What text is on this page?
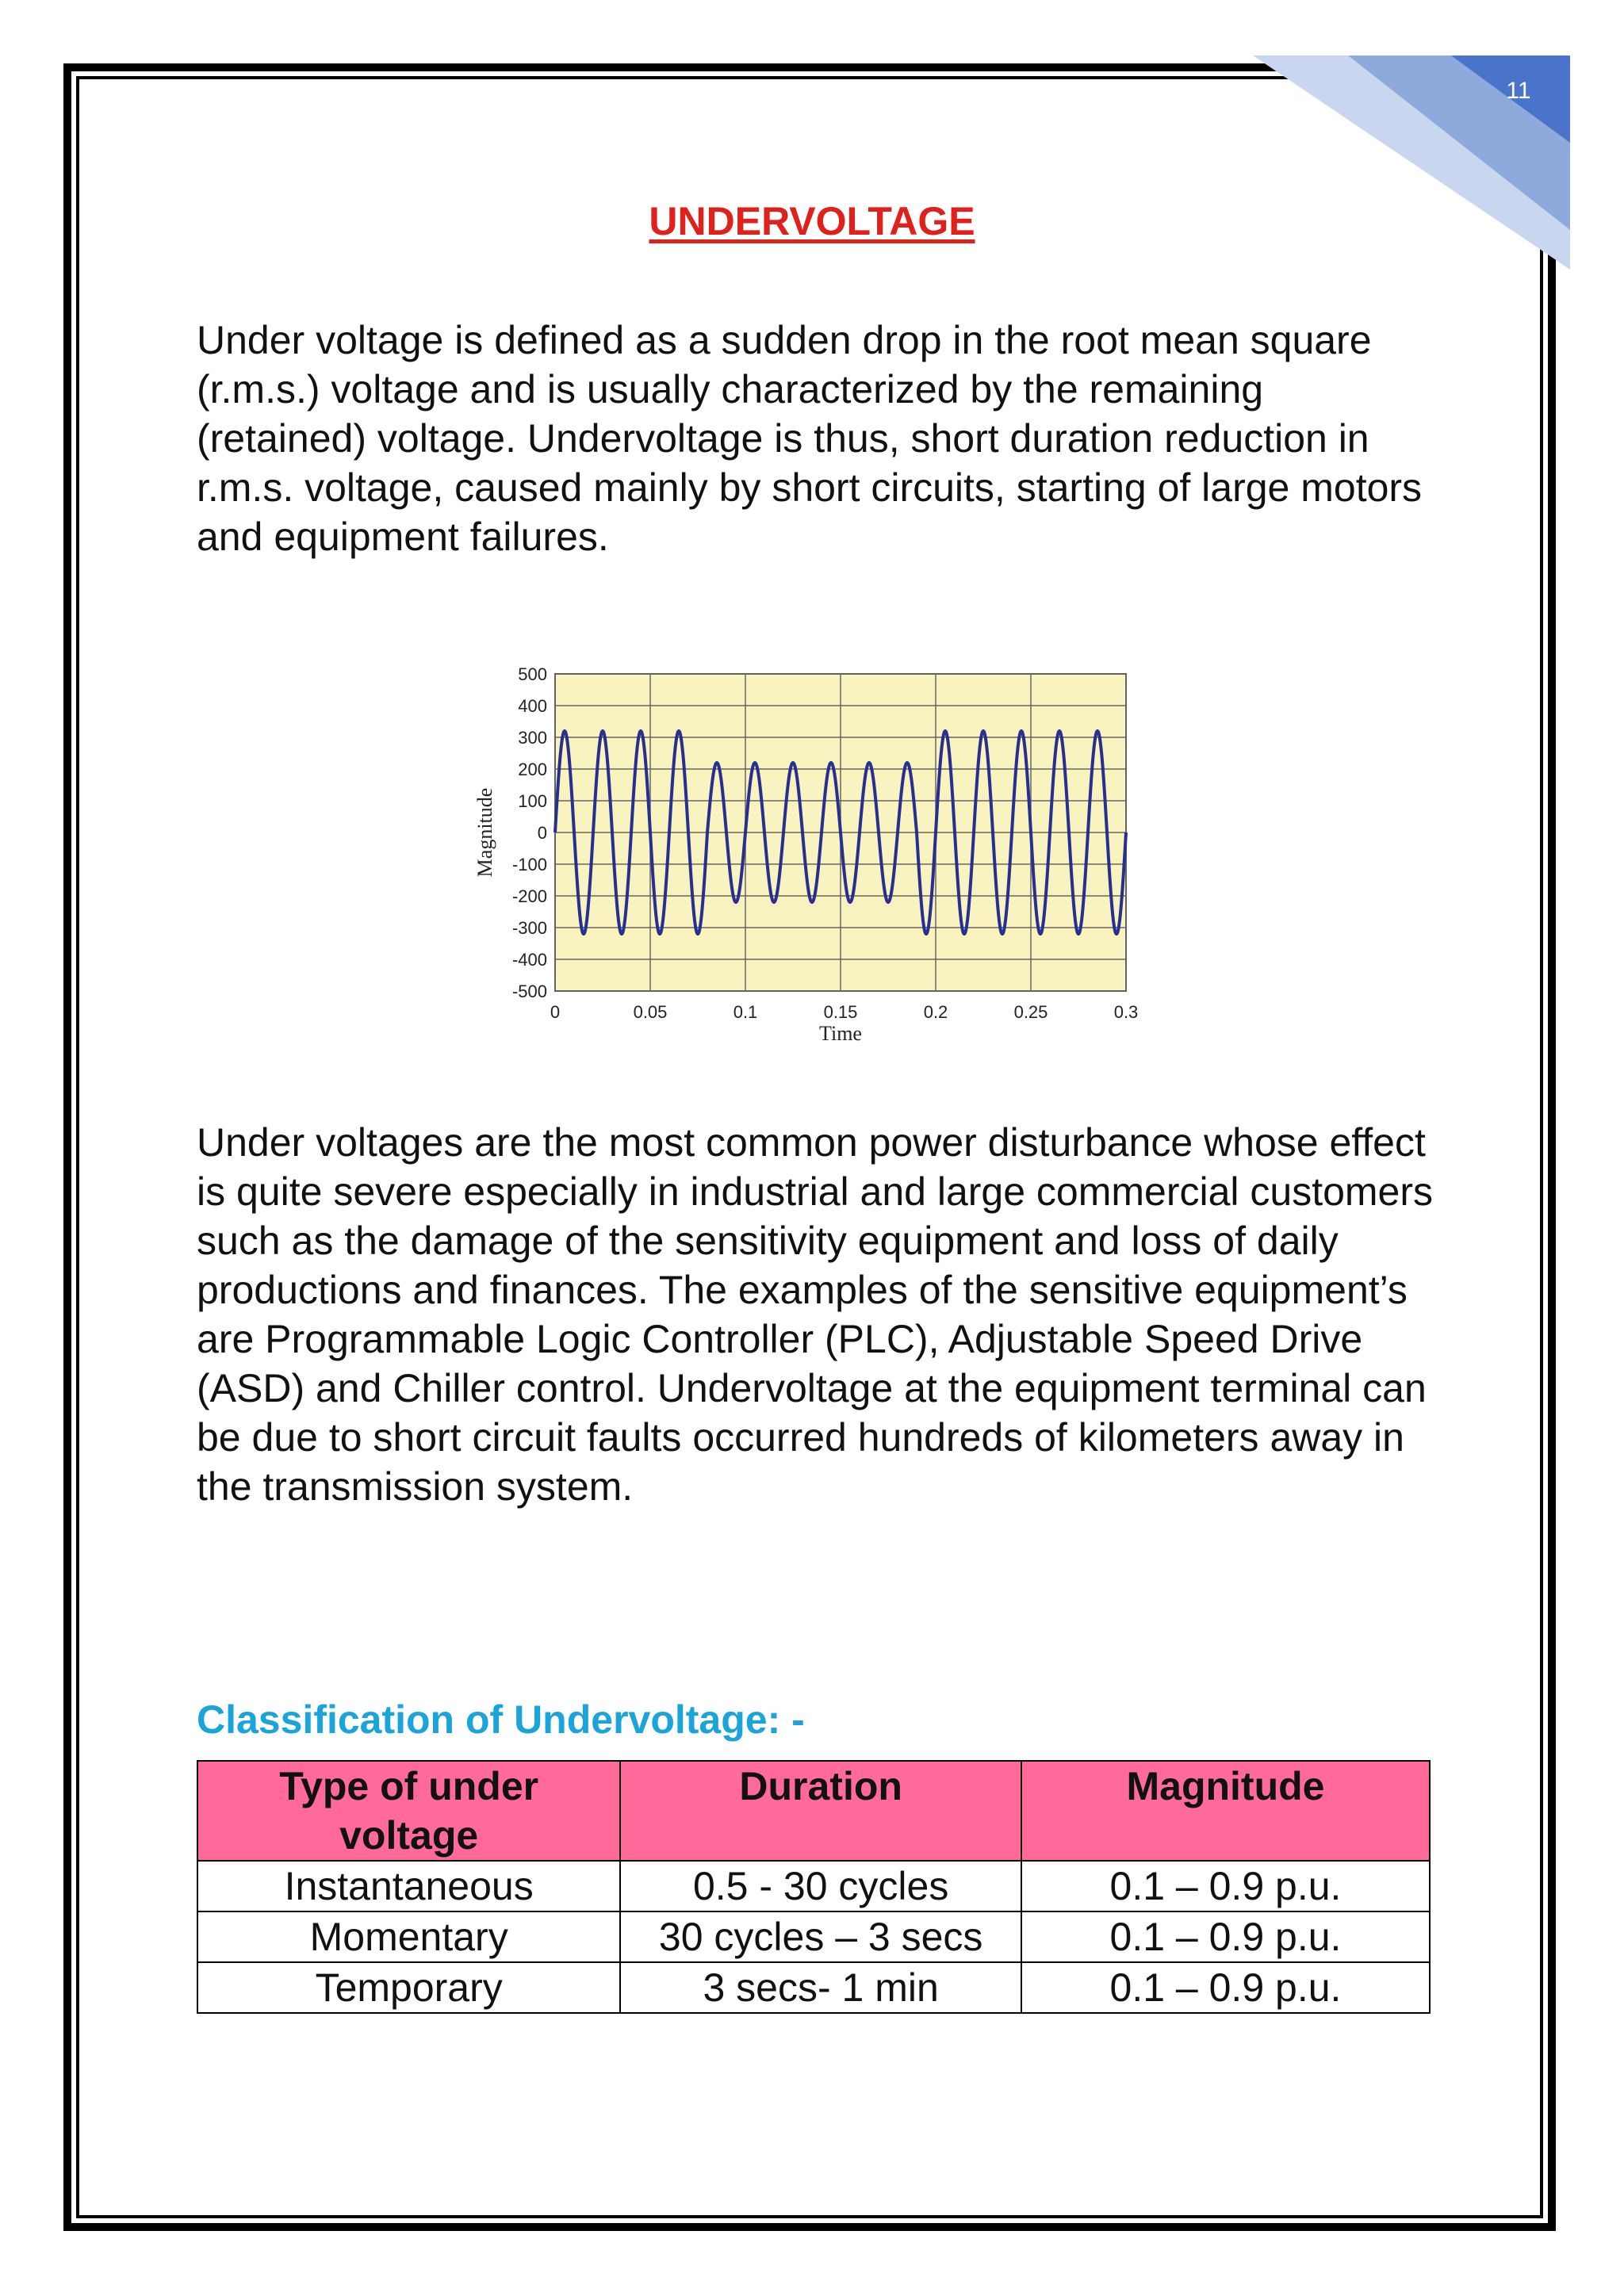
11
UNDERVOLTAGE

Under voltage is defined as a sudden drop in the root mean square (r.m.s.) voltage and is usually characterized by the remaining (retained) voltage. Undervoltage is thus, short duration reduction in r.m.s. voltage, caused mainly by short circuits, starting of large motors and equipment failures.

500
400
300
200
100
0
-100
-200
-300
-400
-500
0	0.05	0.1	0.15	0.2	0.25	0.3
Time
Magnitude

Under voltages are the most common power disturbance whose effect is quite severe especially in industrial and large commercial customers such as the damage of the sensitivity equipment and loss of daily productions and finances. The examples of the sensitive equipment’s are Programmable Logic Controller (PLC), Adjustable Speed Drive (ASD) and Chiller control. Undervoltage at the equipment terminal can be due to short circuit faults occurred hundreds of kilometers away in the transmission system.

Classification of Undervoltage: -
Type of under voltage	Duration	Magnitude
Instantaneous	0.5 - 30 cycles	0.1 – 0.9 p.u.
Momentary	30 cycles – 3 secs	0.1 – 0.9 p.u.
Temporary	3 secs- 1 min	0.1 – 0.9 p.u.
